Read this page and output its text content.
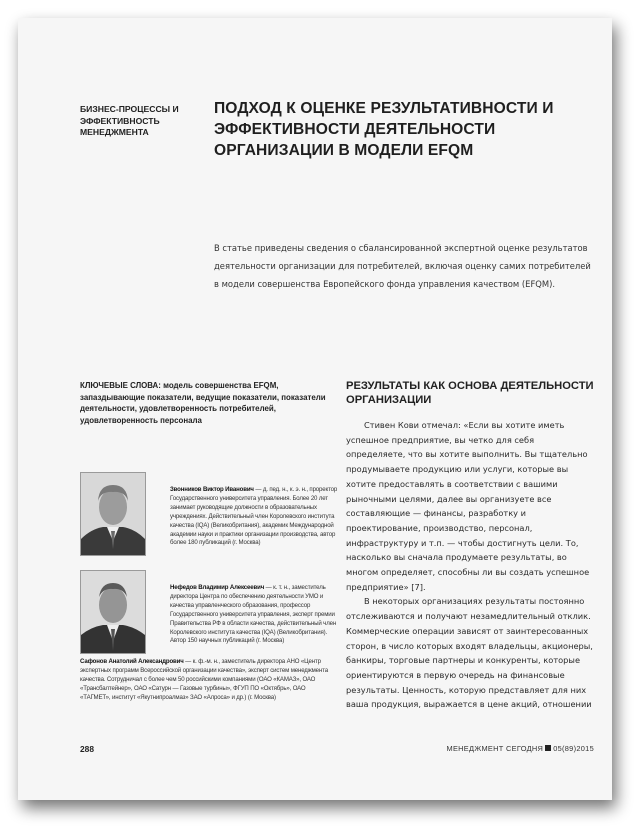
БИЗНЕС-ПРОЦЕССЫ И ЭФФЕКТИВНОСТЬ МЕНЕДЖМЕНТА
ПОДХОД К ОЦЕНКЕ РЕЗУЛЬТАТИВНОСТИ И ЭФФЕКТИВНОСТИ ДЕЯТЕЛЬНОСТИ ОРГАНИЗАЦИИ В МОДЕЛИ EFQM
В статье приведены сведения о сбалансированной экспертной оценке результатов деятельности организации для потребителей, включая оценку самих потребителей в модели совершенства Европейского фонда управления качеством (EFQM).
КЛЮЧЕВЫЕ СЛОВА: модель совершенства EFQM, запаздывающие показатели, ведущие показатели, показатели деятельности, удовлетворенность потребителей, удовлетворенность персонала
Звонников Виктор Иванович — д. пед. н., к. э. н., проректор Государственного университета управления. Более 20 лет занимает руководящие должности в образовательных учреждениях. Действительный член Королевского института качества (IQA) (Великобритания), академик Международной академии науки и практики организации производства, автор более 180 публикаций (г. Москва)
Нефедов Владимир Алексеевич — к. т. н., заместитель директора Центра по обеспечению деятельности УМО и качества управленческого образования, профессор Государственного университета управления, эксперт премии Правительства РФ в области качества, действительный член Королевского института качества (IQA) (Великобритания). Автор 150 научных публикаций (г. Москва)
Сафонов Анатолий Александрович — к. ф.-м. н., заместитель директора АНО «Центр экспертных программ Всероссийской организации качества», эксперт систем менеджмента качества. Сотрудничал с более чем 50 российскими компаниями (ОАО «КАМАЗ», ОАО «Трансбалтейнер», ОАО «Сатурн — Газовые турбины», ФГУП ПО «Октябрь», ОАО «ТАГМЕТ», институт «Якутнипроалмаз» ЗАО «Алроса» и др.) (г. Москва)
РЕЗУЛЬТАТЫ КАК ОСНОВА ДЕЯТЕЛЬНОСТИ ОРГАНИЗАЦИИ

Стивен Кови отмечал: «Если вы хотите иметь успешное предприятие, вы четко для себя определяете, что вы хотите выполнить. Вы тщательно продумываете продукцию или услуги, которые вы хотите предоставлять в соответствии с вашими рыночными целями, далее вы организуете все составляющие — финансы, разработку и проектирование, производство, персонал, инфраструктуру и т.п. — чтобы достигнуть цели. То, насколько вы сначала продумаете результаты, во многом определяет, способны ли вы создать успешное предприятие» [7].

В некоторых организациях результаты постоянно отслеживаются и получают незамедлительный отклик. Коммерческие операции зависят от заинтересованных сторон, в число которых входят владельцы, акционеры, банкиры, торговые партнеры и конкуренты, которые ориентируются в первую очередь на финансовые результаты. Ценность, которую представляет для них ваша продукция, выражается в цене акций, отношении

288	МЕНЕДЖМЕНТ СЕГОДНЯ 05(89)2015
